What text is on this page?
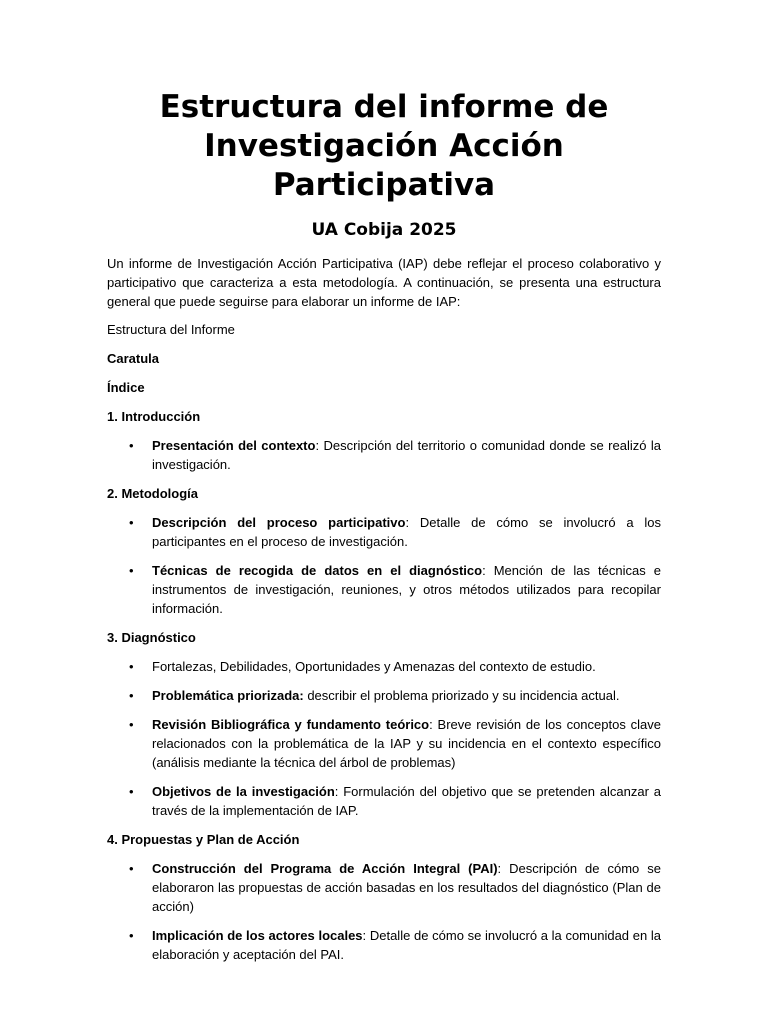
Estructura del informe de Investigación Acción Participativa
UA Cobija 2025

Un informe de Investigación Acción Participativa (IAP) debe reflejar el proceso colaborativo y participativo que caracteriza a esta metodología. A continuación, se presenta una estructura general que puede seguirse para elaborar un informe de IAP:

Estructura del Informe

Caratula

Índice

1. Introducción

• Presentación del contexto: Descripción del territorio o comunidad donde se realizó la investigación.

2. Metodología

• Descripción del proceso participativo: Detalle de cómo se involucró a los participantes en el proceso de investigación.
• Técnicas de recogida de datos en el diagnóstico: Mención de las técnicas e instrumentos de investigación, reuniones, y otros métodos utilizados para recopilar información.

3. Diagnóstico

• Fortalezas, Debilidades, Oportunidades y Amenazas del contexto de estudio.
• Problemática priorizada: describir el problema priorizado y su incidencia actual.
• Revisión Bibliográfica y fundamento teórico: Breve revisión de los conceptos clave relacionados con la problemática de la IAP y su incidencia en el contexto específico (análisis mediante la técnica del árbol de problemas)
• Objetivos de la investigación: Formulación del objetivo que se pretenden alcanzar a través de la implementación de IAP.

4. Propuestas y Plan de Acción

• Construcción del Programa de Acción Integral (PAI): Descripción de cómo se elaboraron las propuestas de acción basadas en los resultados del diagnóstico (Plan de acción)
• Implicación de los actores locales: Detalle de cómo se involucró a la comunidad en la elaboración y aceptación del PAI.
